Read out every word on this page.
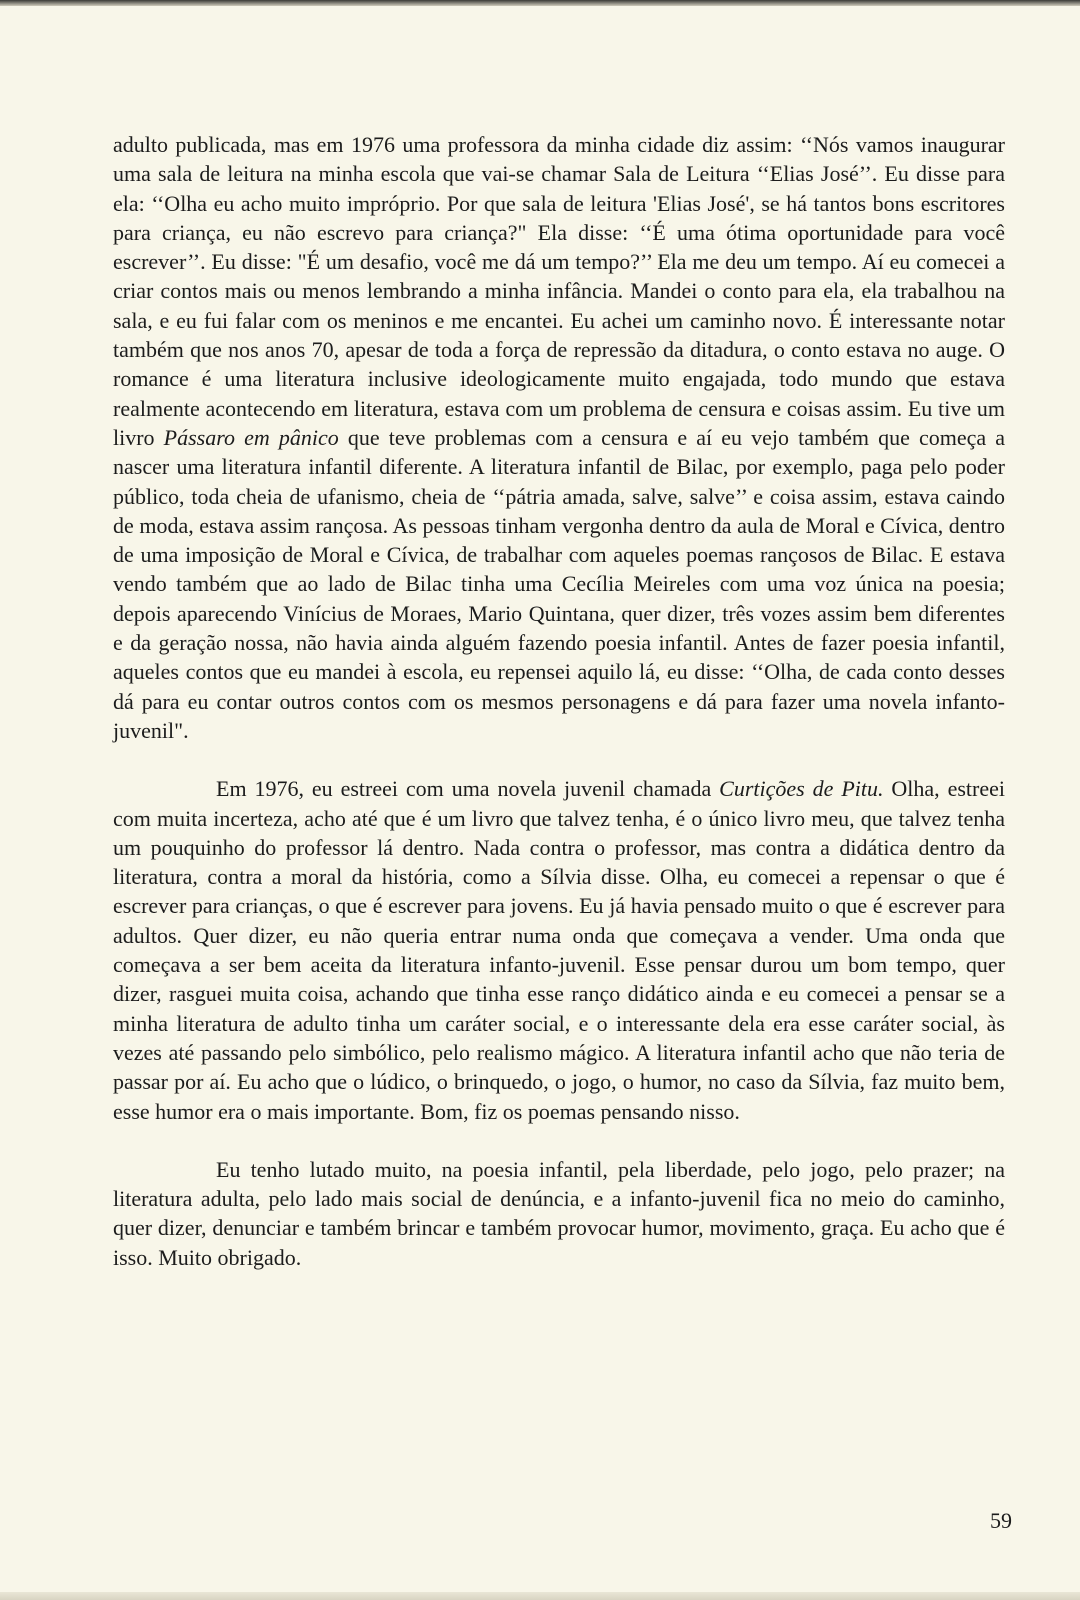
adulto publicada, mas em 1976 uma professora da minha cidade diz assim: ‘‘Nós vamos inaugurar uma sala de leitura na minha escola que vai-se chamar Sala de Leitura ‘‘Elias José’’. Eu disse para ela: ‘‘Olha eu acho muito impróprio. Por que sala de leitura 'Elias José', se há tantos bons escritores para criança, eu não escrevo para criança?" Ela disse: ‘‘É uma ótima oportunidade para você escrever’’. Eu disse: "É um desafio, você me dá um tempo?’’ Ela me deu um tempo. Aí eu comecei a criar contos mais ou menos lembrando a minha infância. Mandei o conto para ela, ela trabalhou na sala, e eu fui falar com os meninos e me encantei. Eu achei um caminho novo. É interessante notar também que nos anos 70, apesar de toda a força de repressão da ditadura, o conto estava no auge. O romance é uma literatura inclusive ideologicamente muito engajada, todo mundo que estava realmente acontecendo em literatura, estava com um problema de censura e coisas assim. Eu tive um livro Pássaro em pânico que teve problemas com a censura e aí eu vejo também que começa a nascer uma literatura infantil diferente. A literatura infantil de Bilac, por exemplo, paga pelo poder público, toda cheia de ufanismo, cheia de ‘‘pátria amada, salve, salve’’ e coisa assim, estava caindo de moda, estava assim rançosa. As pessoas tinham vergonha dentro da aula de Moral e Cívica, dentro de uma imposição de Moral e Cívica, de trabalhar com aqueles poemas rançosos de Bilac. E estava vendo também que ao lado de Bilac tinha uma Cecília Meireles com uma voz única na poesia; depois aparecendo Vinícius de Moraes, Mario Quintana, quer dizer, três vozes assim bem diferentes e da geração nossa, não havia ainda alguém fazendo poesia infantil. Antes de fazer poesia infantil, aqueles contos que eu mandei à escola, eu repensei aquilo lá, eu disse: ‘‘Olha, de cada conto desses dá para eu contar outros contos com os mesmos personagens e dá para fazer uma novela infanto-juvenil".

Em 1976, eu estreei com uma novela juvenil chamada Curtições de Pitu. Olha, estreei com muita incerteza, acho até que é um livro que talvez tenha, é o único livro meu, que talvez tenha um pouquinho do professor lá dentro. Nada contra o professor, mas contra a didática dentro da literatura, contra a moral da história, como a Sílvia disse. Olha, eu comecei a repensar o que é escrever para crianças, o que é escrever para jovens. Eu já havia pensado muito o que é escrever para adultos. Quer dizer, eu não queria entrar numa onda que começava a vender. Uma onda que começava a ser bem aceita da literatura infanto-juvenil. Esse pensar durou um bom tempo, quer dizer, rasguei muita coisa, achando que tinha esse ranço didático ainda e eu comecei a pensar se a minha literatura de adulto tinha um caráter social, e o interessante dela era esse caráter social, às vezes até passando pelo simbólico, pelo realismo mágico. A literatura infantil acho que não teria de passar por aí. Eu acho que o lúdico, o brinquedo, o jogo, o humor, no caso da Sílvia, faz muito bem, esse humor era o mais importante. Bom, fiz os poemas pensando nisso.

Eu tenho lutado muito, na poesia infantil, pela liberdade, pelo jogo, pelo prazer; na literatura adulta, pelo lado mais social de denúncia, e a infanto-juvenil fica no meio do caminho, quer dizer, denunciar e também brincar e também provocar humor, movimento, graça. Eu acho que é isso. Muito obrigado.

59
